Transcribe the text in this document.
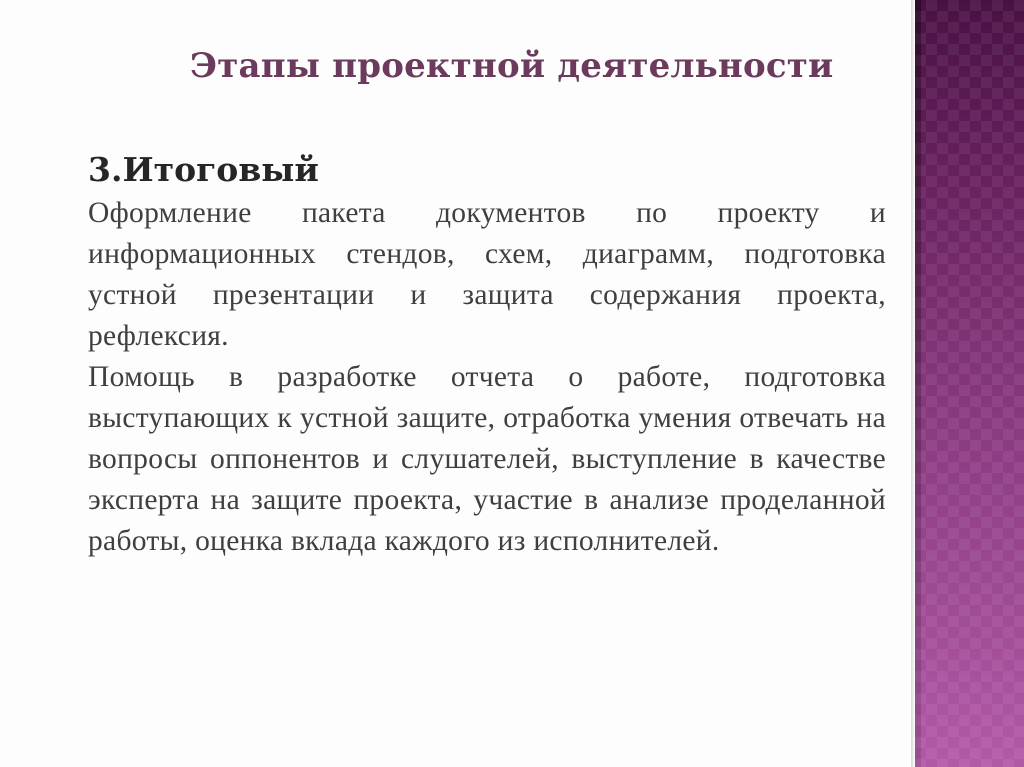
Этапы проектной деятельности
3.Итоговый

Оформление пакета документов по проекту и информационных стендов, схем, диаграмм, подготовка устной презентации и защита содержания проекта, рефлексия.

Помощь в разработке отчета о работе, подготовка выступающих к устной защите, отработка умения отвечать на вопросы оппонентов и слушателей, выступление в качестве эксперта на защите проекта, участие в анализе проделанной работы, оценка вклада каждого из исполнителей.
